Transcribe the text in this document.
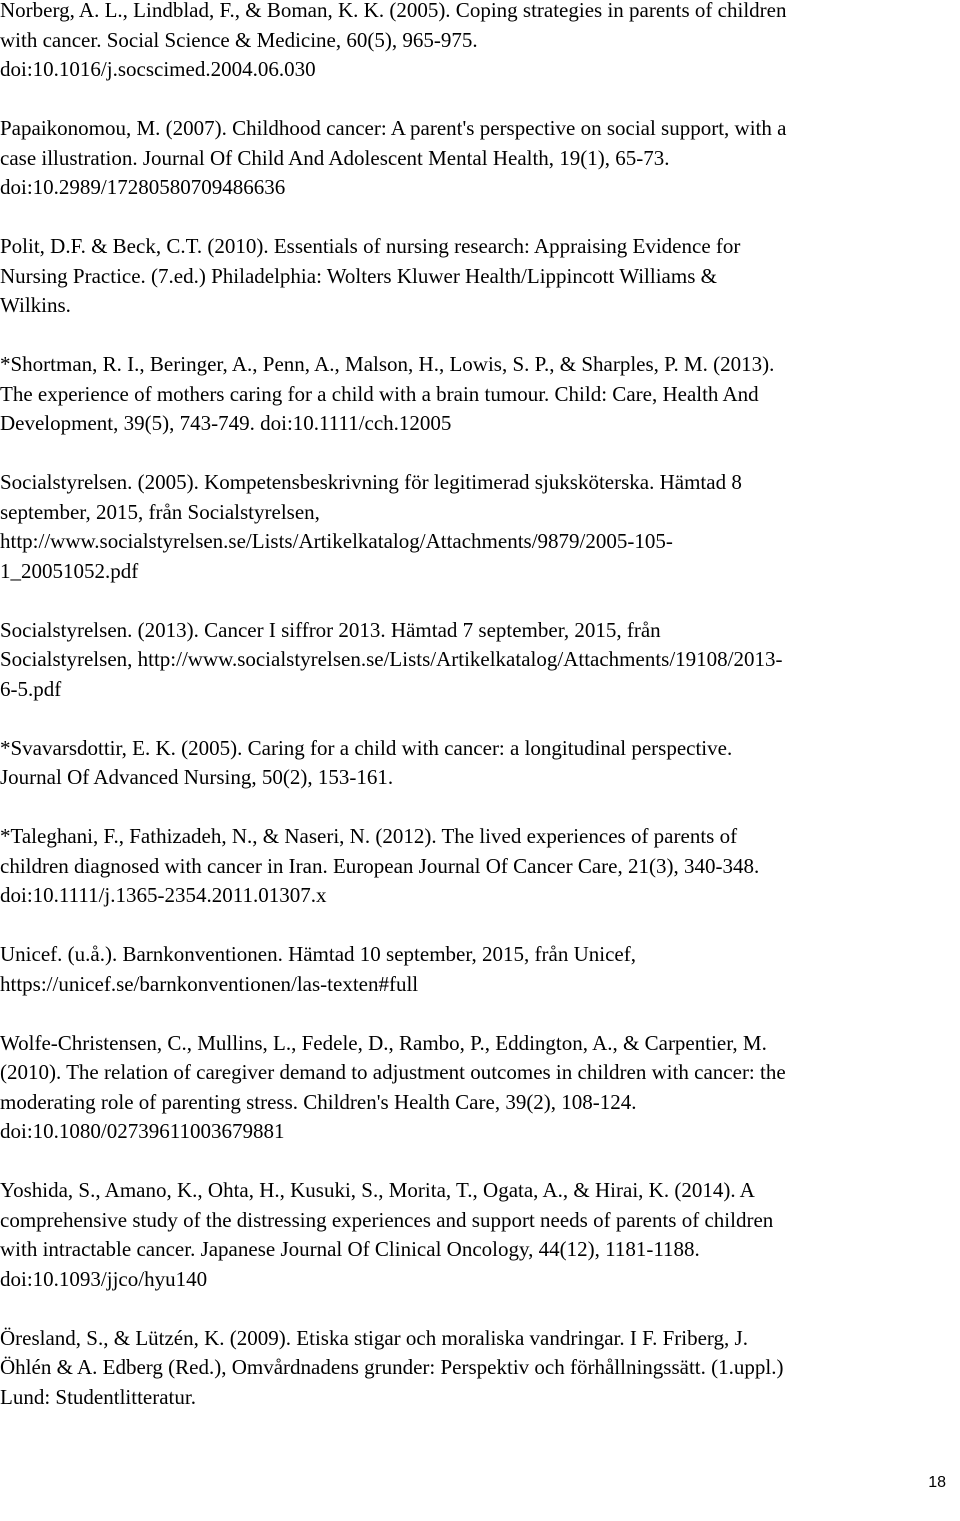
Norberg, A. L., Lindblad, F., & Boman, K. K. (2005). Coping strategies in parents of children
with cancer. Social Science & Medicine, 60(5), 965-975.
doi:10.1016/j.socscimed.2004.06.030

Papaikonomou, M. (2007). Childhood cancer: A parent's perspective on social support, with a
case illustration. Journal Of Child And Adolescent Mental Health, 19(1), 65-73.
doi:10.2989/17280580709486636

Polit, D.F. & Beck, C.T. (2010). Essentials of nursing research: Appraising Evidence for
Nursing Practice. (7.ed.) Philadelphia: Wolters Kluwer Health/Lippincott Williams &
Wilkins.

*Shortman, R. I., Beringer, A., Penn, A., Malson, H., Lowis, S. P., & Sharples, P. M. (2013).
The experience of mothers caring for a child with a brain tumour. Child: Care, Health And
Development, 39(5), 743-749. doi:10.1111/cch.12005

Socialstyrelsen. (2005). Kompetensbeskrivning för legitimerad sjuksköterska. Hämtad 8
september, 2015, från Socialstyrelsen,
http://www.socialstyrelsen.se/Lists/Artikelkatalog/Attachments/9879/2005-105-
1_20051052.pdf

Socialstyrelsen. (2013). Cancer I siffror 2013. Hämtad 7 september, 2015, från
Socialstyrelsen, http://www.socialstyrelsen.se/Lists/Artikelkatalog/Attachments/19108/2013-
6-5.pdf

*Svavarsdottir, E. K. (2005). Caring for a child with cancer: a longitudinal perspective.
Journal Of Advanced Nursing, 50(2), 153-161.

*Taleghani, F., Fathizadeh, N., & Naseri, N. (2012). The lived experiences of parents of
children diagnosed with cancer in Iran. European Journal Of Cancer Care, 21(3), 340-348.
doi:10.1111/j.1365-2354.2011.01307.x

Unicef. (u.å.). Barnkonventionen. Hämtad 10 september, 2015, från Unicef,
https://unicef.se/barnkonventionen/las-texten#full

Wolfe-Christensen, C., Mullins, L., Fedele, D., Rambo, P., Eddington, A., & Carpentier, M.
(2010). The relation of caregiver demand to adjustment outcomes in children with cancer: the
moderating role of parenting stress. Children's Health Care, 39(2), 108-124.
doi:10.1080/02739611003679881

Yoshida, S., Amano, K., Ohta, H., Kusuki, S., Morita, T., Ogata, A., & Hirai, K. (2014). A
comprehensive study of the distressing experiences and support needs of parents of children
with intractable cancer. Japanese Journal Of Clinical Oncology, 44(12), 1181-1188.
doi:10.1093/jjco/hyu140

Öresland, S., & Lützén, K. (2009). Etiska stigar och moraliska vandringar. I F. Friberg, J.
Öhlén & A. Edberg (Red.), Omvårdnadens grunder: Perspektiv och förhållningssätt. (1.uppl.)
Lund: Studentlitteratur.

18
